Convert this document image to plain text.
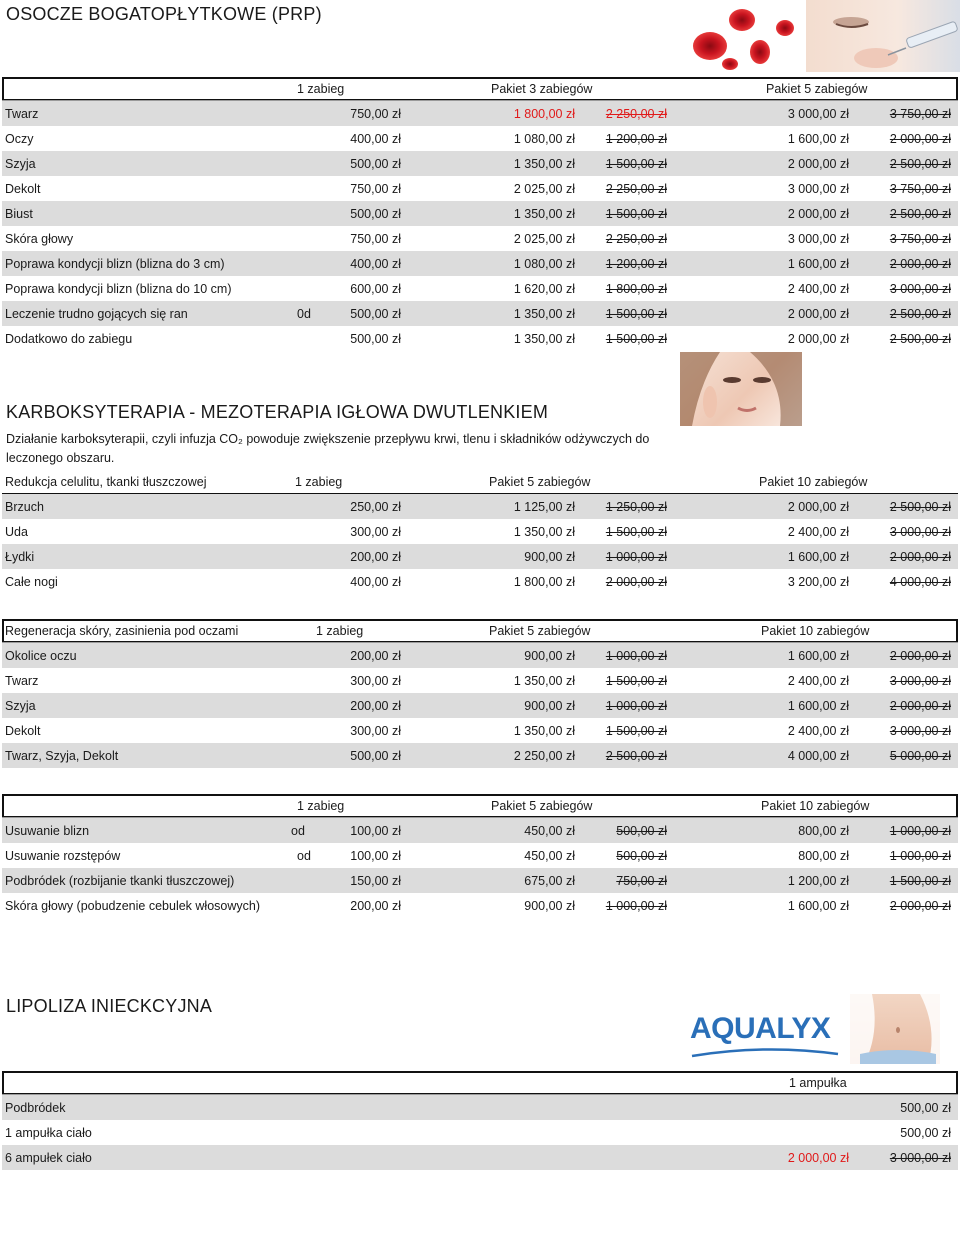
OSOCZE BOGATOPŁYTKOWE (PRP)
1 zabieg	Pakiet 3 zabiegów	Pakiet 5 zabiegów
Twarz	750,00 zł	1 800,00 zł 2 250,00 zł	3 000,00 zł	3 750,00 zł
Oczy	400,00 zł	1 080,00 zł 1 200,00 zł	1 600,00 zł	2 000,00 zł
Szyja	500,00 zł	1 350,00 zł 1 500,00 zł	2 000,00 zł	2 500,00 zł
Dekolt	750,00 zł	2 025,00 zł 2 250,00 zł	3 000,00 zł	3 750,00 zł
Biust	500,00 zł	1 350,00 zł 1 500,00 zł	2 000,00 zł	2 500,00 zł
Skóra głowy	750,00 zł	2 025,00 zł 2 250,00 zł	3 000,00 zł	3 750,00 zł
Poprawa kondycji blizn (blizna do 3 cm)	400,00 zł	1 080,00 zł 1 200,00 zł	1 600,00 zł	2 000,00 zł
Poprawa kondycji blizn (blizna do 10 cm)	600,00 zł	1 620,00 zł 1 800,00 zł	2 400,00 zł	3 000,00 zł
Leczenie trudno gojących się ran	0d	500,00 zł	1 350,00 zł 1 500,00 zł	2 000,00 zł	2 500,00 zł
Dodatkowo do zabiegu	500,00 zł	1 350,00 zł 1 500,00 zł	2 000,00 zł	2 500,00 zł
KARBOKSYTERAPIA - MEZOTERAPIA IGŁOWA DWUTLENKIEM

Działanie karboksyterapii, czyli infuzja CO₂ powoduje zwiększenie przepływu krwi, tlenu i składników odżywczych do leczonego obszaru.

Redukcja celulitu, tkanki tłuszczowej	1 zabieg	Pakiet 5 zabiegów	Pakiet 10 zabiegów
Brzuch	250,00 zł	1 125,00 zł 1 250,00 zł	2 000,00 zł	2 500,00 zł
Uda	300,00 zł	1 350,00 zł 1 500,00 zł	2 400,00 zł	3 000,00 zł
Łydki	200,00 zł	900,00 zł 1 000,00 zł	1 600,00 zł	2 000,00 zł
Całe nogi	400,00 zł	1 800,00 zł 2 000,00 zł	3 200,00 zł	4 000,00 zł
Regeneracja skóry, zasinienia pod oczami	1 zabieg	Pakiet 5 zabiegów	Pakiet 10 zabiegów
Okolice oczu	200,00 zł	900,00 zł 1 000,00 zł	1 600,00 zł	2 000,00 zł
Twarz	300,00 zł	1 350,00 zł 1 500,00 zł	2 400,00 zł	3 000,00 zł
Szyja	200,00 zł	900,00 zł 1 000,00 zł	1 600,00 zł	2 000,00 zł
Dekolt	300,00 zł	1 350,00 zł 1 500,00 zł	2 400,00 zł	3 000,00 zł
Twarz, Szyja, Dekolt	500,00 zł	2 250,00 zł 2 500,00 zł	4 000,00 zł	5 000,00 zł
1 zabieg	Pakiet 5 zabiegów	Pakiet 10 zabiegów
Usuwanie blizn	od	100,00 zł	450,00 zł	500,00 zł	800,00 zł	1 000,00 zł
Usuwanie rozstępów	od	100,00 zł	450,00 zł	500,00 zł	800,00 zł	1 000,00 zł
Podbródek (rozbijanie tkanki tłuszczowej)	150,00 zł	675,00 zł	750,00 zł	1 200,00 zł	1 500,00 zł
Skóra głowy (pobudzenie cebulek włosowych)	200,00 zł	900,00 zł 1 000,00 zł	1 600,00 zł	2 000,00 zł
LIPOLIZA INIECKCYJNA
AQUALYX
1 ampułka
Podbródek	500,00 zł
1 ampułka ciało	500,00 zł
6 ampułek ciało	2 000,00 zł	3 000,00 zł
